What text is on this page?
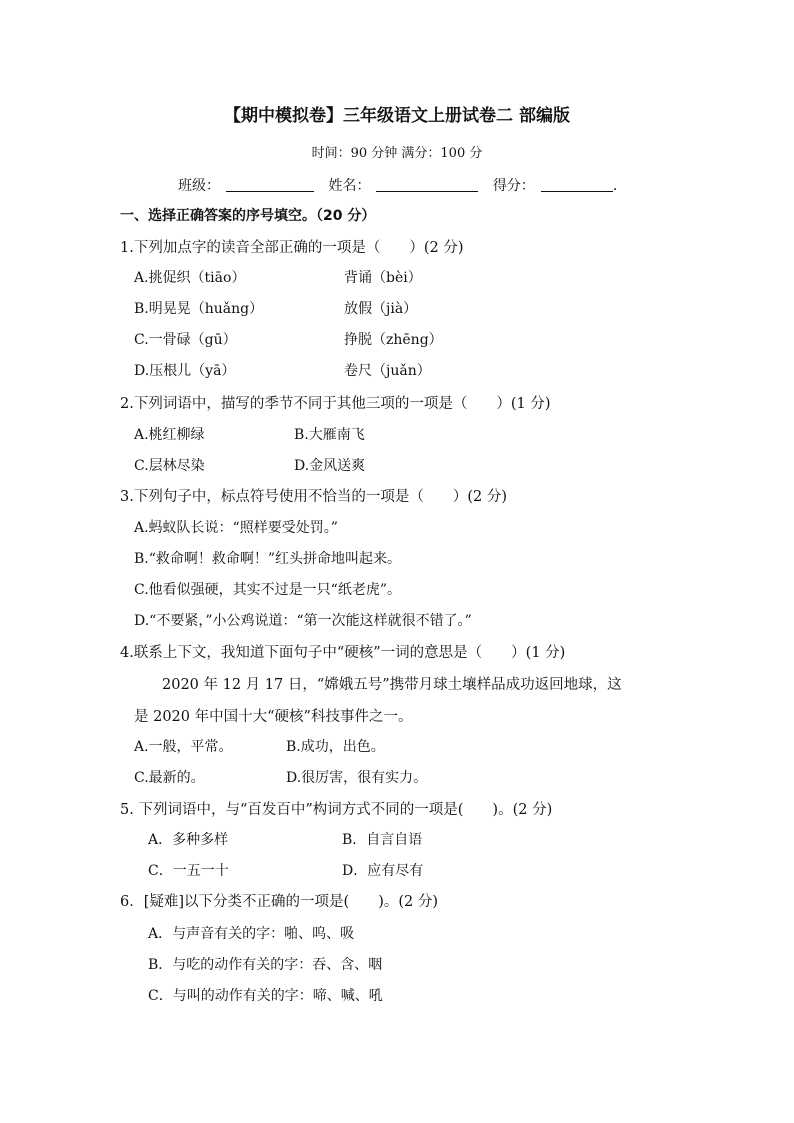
【期中模拟卷】三年级语文上册试卷二 部编版
时间：90 分钟 满分：100 分
班级：	姓名：	得分：	.
一、选择正确答案的序号填空。（20 分）
1.下列加点字的读音全部正确的一项是（　　）(2 分)
A.挑促织（tiāo）	背诵（bèi）
B.明晃晃（huǎng）	放假（jià）
C.一骨碌（gū）	挣脱（zhēng）
D.压根儿（yā）	卷尺（juǎn）
2.下列词语中，描写的季节不同于其他三项的一项是（　　）(1 分)
A.桃红柳绿	B.大雁南飞
C.层林尽染	D.金风送爽
3.下列句子中，标点符号使用不恰当的一项是（　　）(2 分)
A.蚂蚁队长说：“照样要受处罚。”
B.“救命啊！救命啊！”红头拼命地叫起来。
C.他看似强硬，其实不过是一只“纸老虎”。
D.“不要紧，”小公鸡说道：“第一次能这样就很不错了。”
4.联系上下文，我知道下面句子中“硬核”一词的意思是（　　）(1 分)
2020 年 12 月 17 日，“嫦娥五号”携带月球土壤样品成功返回地球，这
是 2020 年中国十大“硬核”科技事件之一。
A.一般，平常。	B.成功，出色。
C.最新的。	D.很厉害，很有实力。
5. 下列词语中，与“百发百中”构词方式不同的一项是(　　)。(2 分)
A．多种多样	B．自言自语
C．一五一十	D．应有尽有
6．[疑难]以下分类不正确的一项是(　　)。(2 分)
A．与声音有关的字：啪、呜、吸
B．与吃的动作有关的字：吞、含、咽
C．与叫的动作有关的字：啼、喊、吼
